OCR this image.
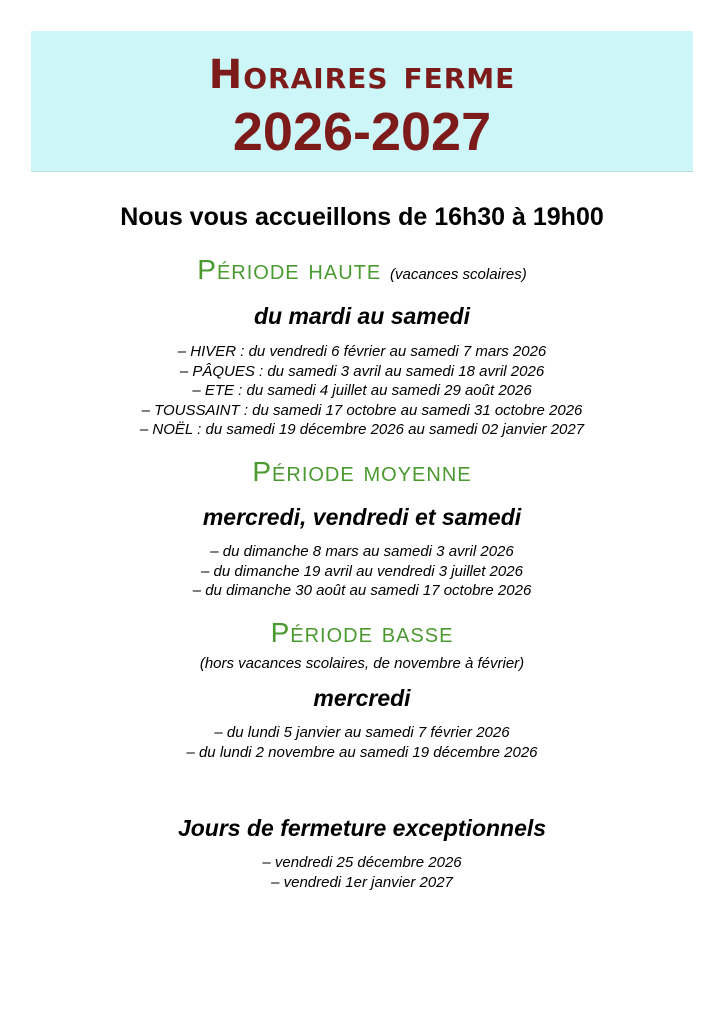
Horaires ferme
2026-2027
Nous vous accueillons de 16h30 à 19h00
Période haute (vacances scolaires)
du mardi au samedi
– HIVER : du vendredi 6 février au samedi 7 mars 2026
– PÂQUES : du samedi 3 avril au samedi 18 avril 2026
– ETE : du samedi 4 juillet au samedi 29 août 2026
– TOUSSAINT : du samedi 17 octobre au samedi 31 octobre 2026
– NOËL : du samedi 19 décembre 2026 au samedi 02 janvier 2027
Période moyenne
mercredi, vendredi et samedi
– du dimanche 8 mars au samedi 3 avril 2026
– du dimanche 19 avril au vendredi 3 juillet 2026
– du dimanche 30 août au samedi 17 octobre 2026
Période basse
(hors vacances scolaires, de novembre à février)
mercredi
– du lundi 5 janvier au samedi 7 février 2026
– du lundi 2 novembre au samedi 19 décembre 2026
Jours de fermeture exceptionnels
– vendredi 25 décembre 2026
– vendredi 1er janvier 2027
